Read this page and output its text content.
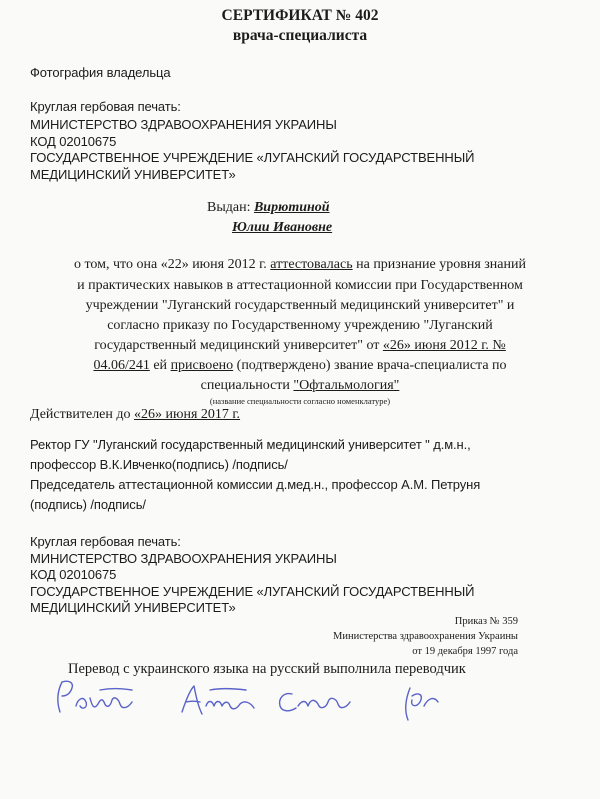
СЕРТИФИКАТ № 402
врача-специалиста
Фотография владельца
Круглая гербовая печать:
МИНИСТЕРСТВО ЗДРАВООХРАНЕНИЯ УКРАИНЫ
КОД 02010675
ГОСУДАРСТВЕННОЕ УЧРЕЖДЕНИЕ «ЛУГАНСКИЙ ГОСУДАРСТВЕННЫЙ
МЕДИЦИНСКИЙ УНИВЕРСИТЕТ»
Выдан: Вирютиной
Юлии Ивановне
о том, что она «22» июня 2012 г. аттестовалась на признание уровня знаний
и практических навыков в аттестационной комиссии при Государственном
учреждении "Луганский государственный медицинский университет" и
согласно приказу по Государственному учреждению "Луганский
государственный медицинский университет" от «26» июня 2012 г. №
04.06/241 ей присвоено (подтверждено) звание врача-специалиста по
специальности "Офтальмология"
(название специальности согласно номенклатуре)
Действителен до «26» июня 2017 г.
Ректор ГУ "Луганский государственный медицинский университет " д.м.н.,
профессор В.К.Ивченко(подпись) /подпись/
Председатель аттестационной комиссии д.мед.н., профессор А.М. Петруня
(подпись) /подпись/
Круглая гербовая печать:
МИНИСТЕРСТВО ЗДРАВООХРАНЕНИЯ УКРАИНЫ
КОД 02010675
ГОСУДАРСТВЕННОЕ УЧРЕЖДЕНИЕ «ЛУГАНСКИЙ ГОСУДАРСТВЕННЫЙ
МЕДИЦИНСКИЙ УНИВЕРСИТЕТ»
Приказ № 359
Министерства здравоохранения Украины
от 19 декабря 1997 года
Перевод с украинского языка на русский выполнила переводчик
